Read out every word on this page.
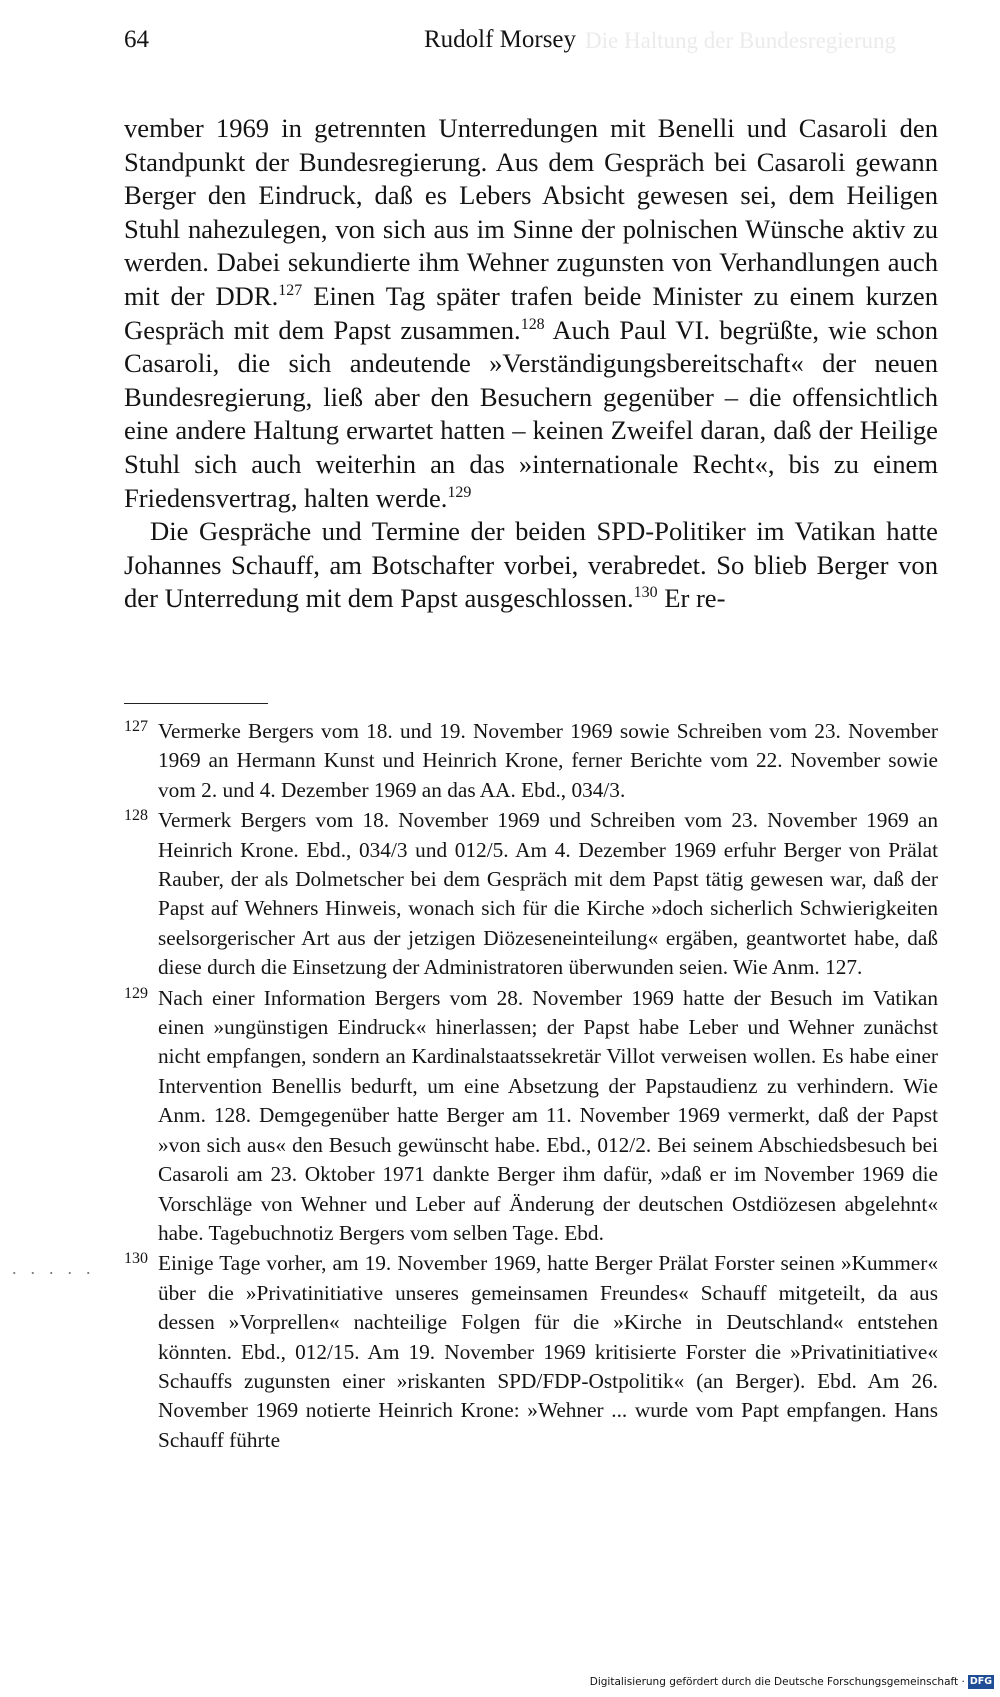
64	Rudolf Morsey Die Haltung der Bundesregierung

vember 1969 in getrennten Unterredungen mit Benelli und Casaroli den Standpunkt der Bundesregierung. Aus dem Gespräch bei Casaroli gewann Berger den Eindruck, daß es Lebers Absicht gewesen sei, dem Heiligen Stuhl nahezulegen, von sich aus im Sinne der polnischen Wünsche aktiv zu werden. Dabei sekundierte ihm Wehner zugunsten von Verhandlungen auch mit der DDR.$^{127}$ Einen Tag später trafen beide Minister zu einem kurzen Gespräch mit dem Papst zusammen.$^{128}$ Auch Paul VI. begrüßte, wie schon Casaroli, die sich andeutende »Verständigungsbereitschaft« der neuen Bundesregierung, ließ aber den Besuchern gegenüber – die offensichtlich eine andere Haltung erwartet hatten – keinen Zweifel daran, daß der Heilige Stuhl sich auch weiterhin an das »internationale Recht«, bis zu einem Friedensvertrag, halten werde.$^{129}$

Die Gespräche und Termine der beiden SPD-Politiker im Vatikan hatte Johannes Schauff, am Botschafter vorbei, verabredet. So blieb Berger von der Unterredung mit dem Papst ausgeschlossen.$^{130}$ Er re-

127 Vermerke Bergers vom 18. und 19. November 1969 sowie Schreiben vom 23. November 1969 an Hermann Kunst und Heinrich Krone, ferner Berichte vom 22. November sowie vom 2. und 4. Dezember 1969 an das AA. Ebd., 034/3.
128 Vermerk Bergers vom 18. November 1969 und Schreiben vom 23. November 1969 an Heinrich Krone. Ebd., 034/3 und 012/5. Am 4. Dezember 1969 erfuhr Berger von Prälat Rauber, der als Dolmetscher bei dem Gespräch mit dem Papst tätig gewesen war, daß der Papst auf Wehners Hinweis, wonach sich für die Kirche »doch sicherlich Schwierigkeiten seelsorgerischer Art aus der jetzigen Diözeseneinteilung« ergäben, geantwortet habe, daß diese durch die Einsetzung der Administratoren überwunden seien. Wie Anm. 127.
129 Nach einer Information Bergers vom 28. November 1969 hatte der Besuch im Vatikan einen »ungünstigen Eindruck« hinerlassen; der Papst habe Leber und Wehner zunächst nicht empfangen, sondern an Kardinalstaatssekretär Villot verweisen wollen. Es habe einer Intervention Benellis bedurft, um eine Absetzung der Papstaudienz zu verhindern. Wie Anm. 128. Demgegenüber hatte Berger am 11. November 1969 vermerkt, daß der Papst »von sich aus« den Besuch gewünscht habe. Ebd., 012/2. Bei seinem Abschiedsbesuch bei Casaroli am 23. Oktober 1971 dankte Berger ihm dafür, »daß er im November 1969 die Vorschläge von Wehner und Leber auf Änderung der deutschen Ostdiözesen abgelehnt« habe. Tagebuchnotiz Bergers vom selben Tage. Ebd.
130 Einige Tage vorher, am 19. November 1969, hatte Berger Prälat Forster seinen »Kummer« über die »Privatinitiative unseres gemeinsamen Freundes« Schauff mitgeteilt, da aus dessen »Vorprellen« nachteilige Folgen für die »Kirche in Deutschland« entstehen könnten. Ebd., 012/15. Am 19. November 1969 kritisierte Forster die »Privatinitiative« Schauffs zugunsten einer »riskanten SPD/FDP-Ostpolitik« (an Berger). Ebd. Am 26. November 1969 notierte Heinrich Krone: »Wehner ... wurde vom Papt empfangen. Hans Schauff führte
.....
Digitalisierung gefördert durch die Deutsche Forschungsgemeinschaft · DFG
